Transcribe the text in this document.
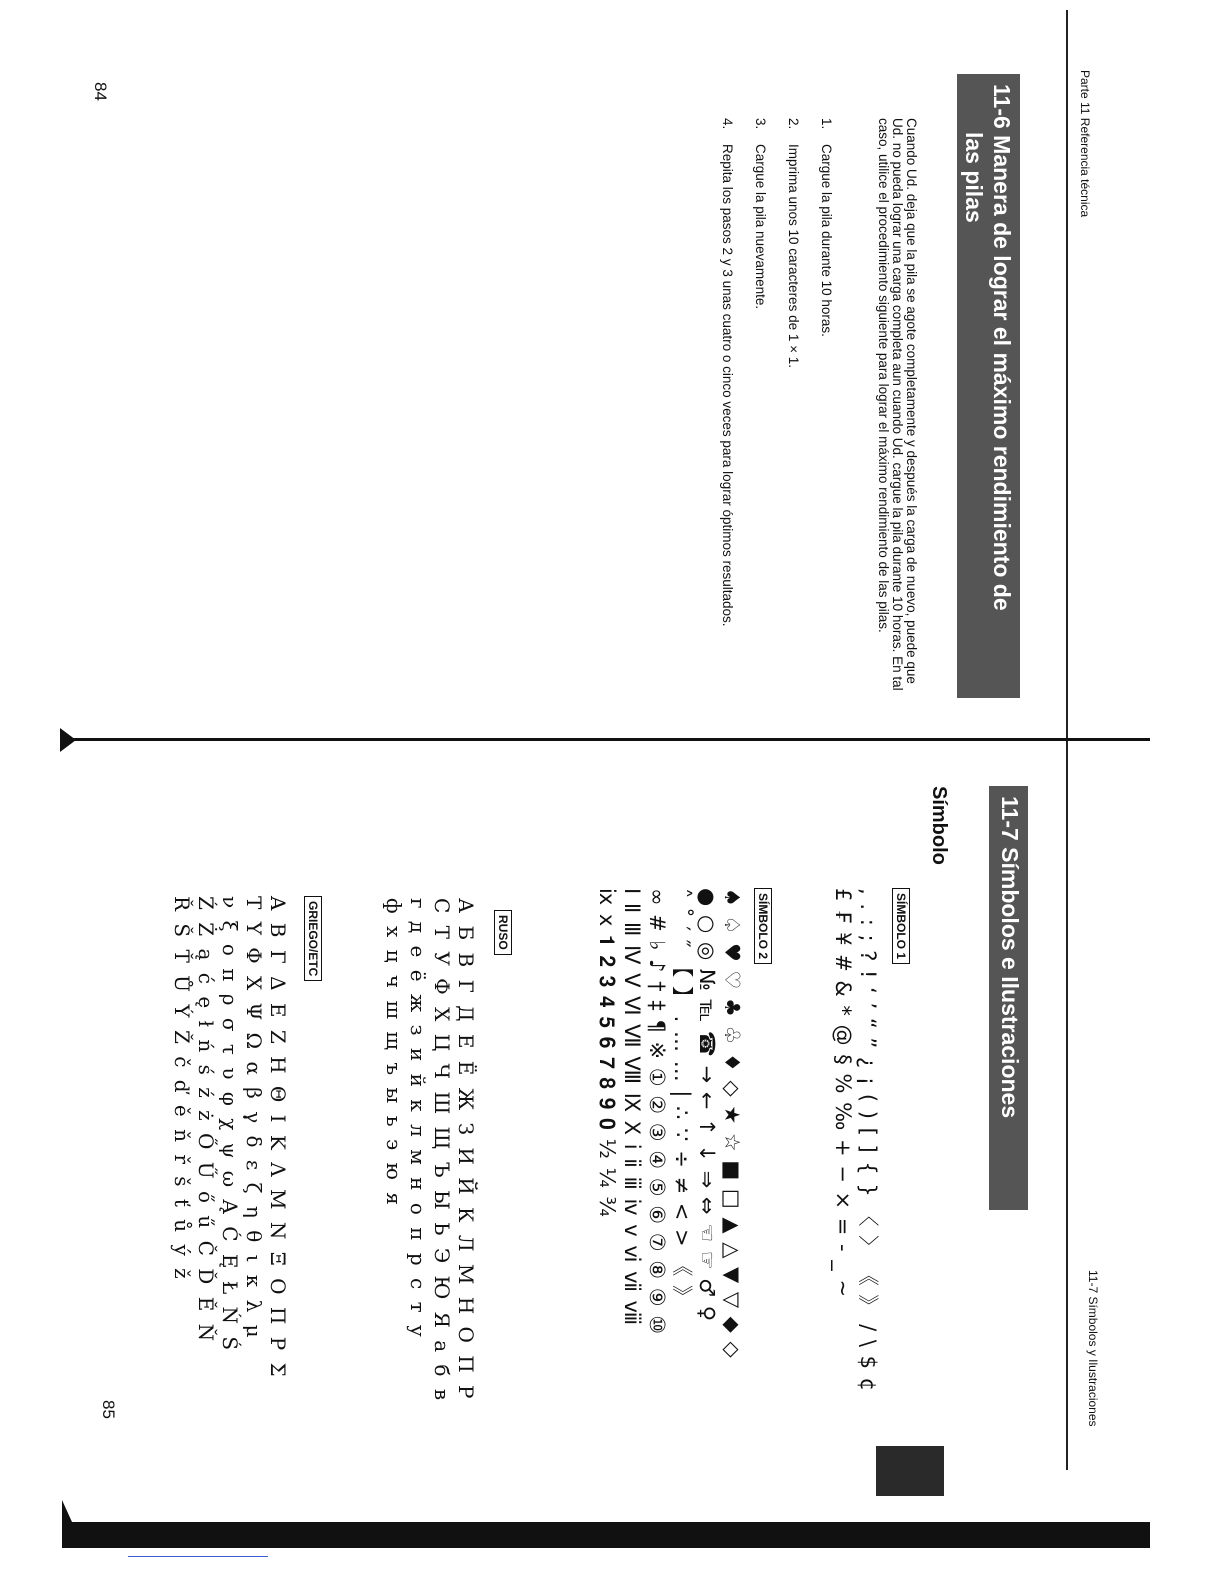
Parte 11 Referencia técnica
84	11-6 Manera de lograr el máximo rendimiento de
las pilas
Cuando Ud. deja que la pila se agote completamente y después la carga de nuevo, puede que Ud. no pueda lograr una carga completa aun cuando Ud. cargue la pila durante 10 horas. En tal caso, utilice el procedimiento siguiente para lograr el máximo rendimiento de las pilas.
1.Cargue la pila durante 10 horas.
2.Imprima unos 10 caracteres de 1 × 1.
3.Cargue la pila nuevamente.
4.Repita los pasos 2 y 3 unas cuatro o cinco veces para lograr óptimos resultados.
11-7 Símbolos y Ilustraciones
85
11-7 Símbolos e Ilustraciones
Símbolo
SÍMBOLO 1
, . : ; ? ! ‘ ’ “ ” ¿ ¡ ( ) [ ] { } 〈 〉 《 》 / \ $ ¢
£ ₣ ¥ # & * @ § % ‰ + − × = - _ ~
SÍMBOLO 2
♠ ♤ ♥ ♡ ♣ ♧ ♦ ◇ ★ ☆ ■ □ ▲ △ ▼ ▽ ◆ ◇
● ○ ◎ № ℡ ☎ → ← ↑ ↓ ⇒ ⇔ ☜ ☞ ♂ ♀
˄ ˚ ′ ″ 【 】 . … … | ∴ ∵ ÷ ≠ < > 《 》
∞ # ♭ ♪ † ‡ ¶ ※ ① ② ③ ④ ⑤ ⑥ ⑦ ⑧ ⑨ ⑩
Ⅰ Ⅱ Ⅲ Ⅳ Ⅴ Ⅵ Ⅶ Ⅷ Ⅸ Ⅹ ⅰ ⅱ ⅲ ⅳ ⅴ ⅵ ⅶ ⅷ
ⅸ ⅹ 𝟏 𝟐 𝟑 𝟒 𝟓 𝟔 𝟕 𝟖 𝟗 𝟎 ½ ¼ ¾
RUSO
А Б В Г Д Е Ё Ж З И Й К Л М Н О П Р
С Т У Ф Х Ц Ч Ш Щ Ъ Ы Ь Э Ю Я а б в
г д е ё ж з и й к л м н о п р с т у
ф х ц ч ш щ ъ ы ь э ю я
GRIEGO/ETC
Α Β Γ Δ Ε Ζ Η Θ Ι Κ Λ Μ Ν Ξ Ο Π Ρ Σ
Τ Υ Φ Χ Ψ Ω α β γ δ ε ζ η θ ι κ λ μ
ν ξ ο π ρ σ τ υ φ χ ψ ω Ą Ć Ę Ł Ń Ś
Ź Ż ą ć ę ł ń ś ź ż Ő Ű ő ű Č Ď Ě Ň
Ř Š Ť Ů Ý Ž č ď ě ň ř š ť ů ý ž
